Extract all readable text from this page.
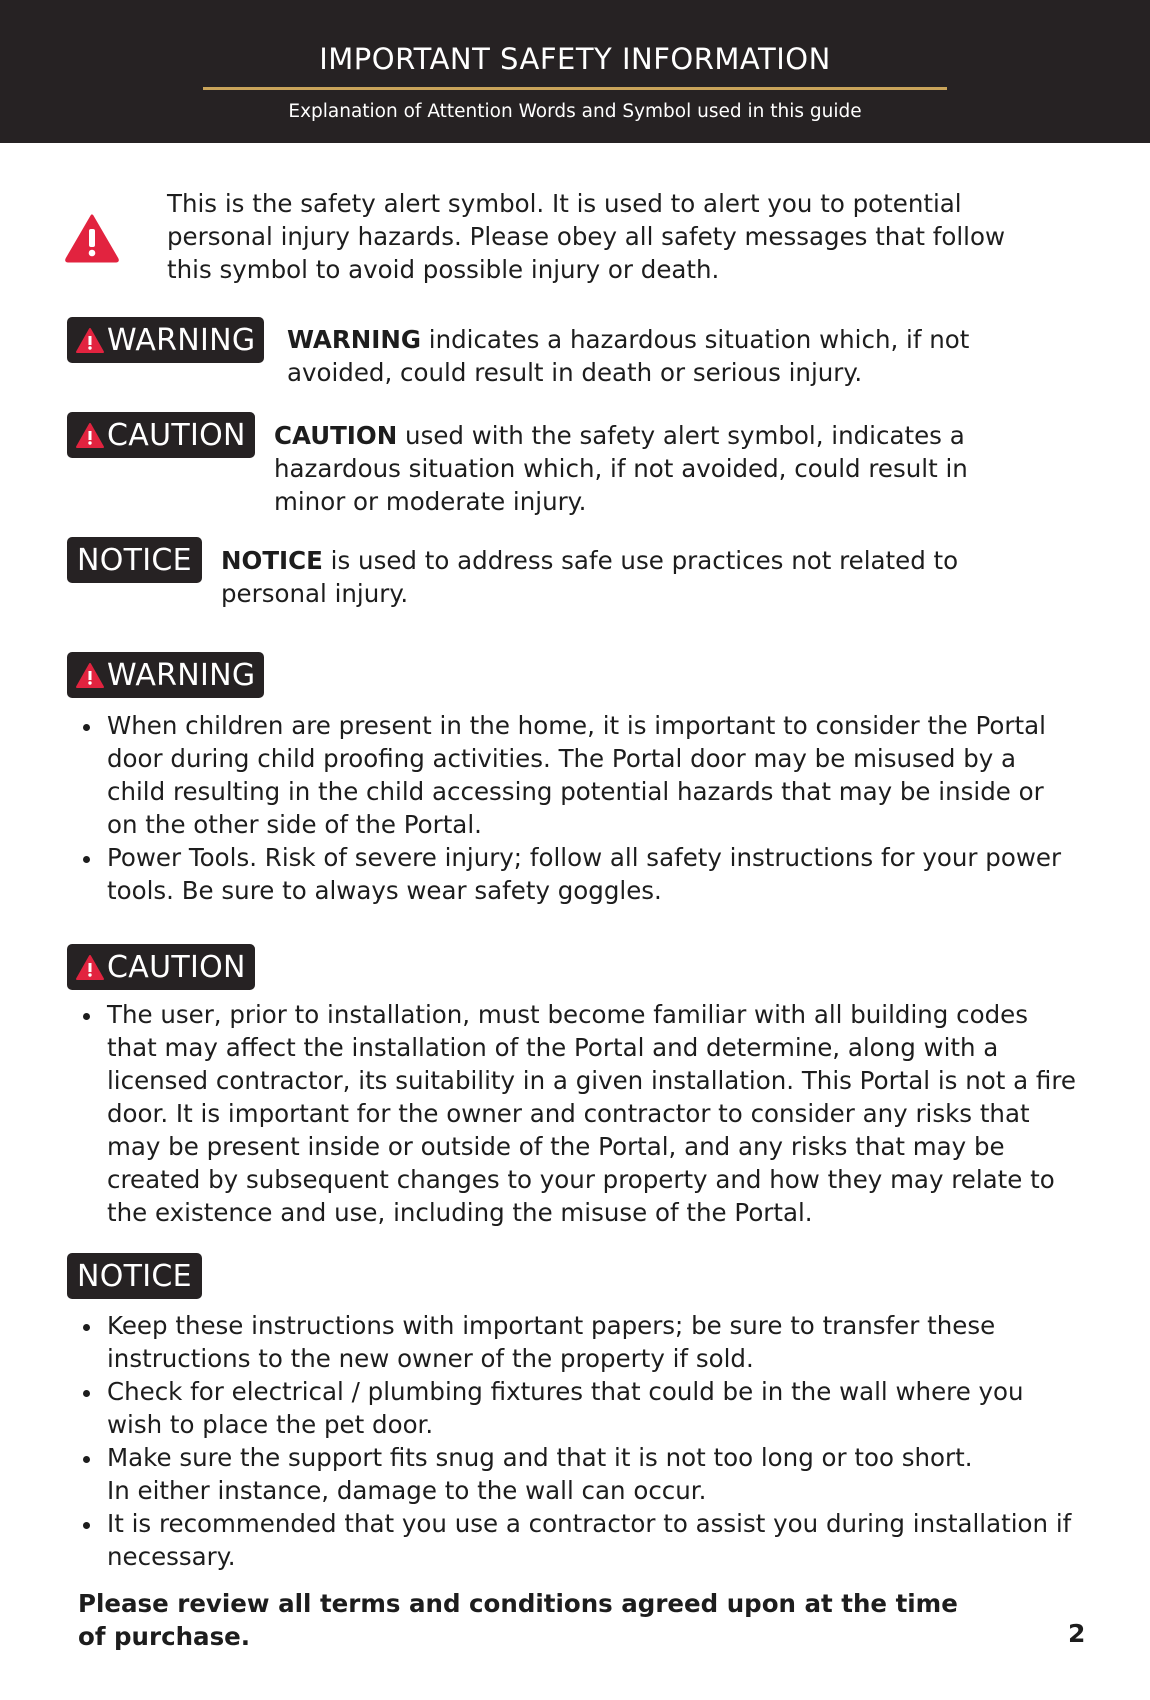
IMPORTANT SAFETY INFORMATION
Explanation of Attention Words and Symbol used in this guide
This is the safety alert symbol. It is used to alert you to potential personal injury hazards. Please obey all safety messages that follow this symbol to avoid possible injury or death.
WARNING WARNING indicates a hazardous situation which, if not avoided, could result in death or serious injury.
CAUTION CAUTION used with the safety alert symbol, indicates a hazardous situation which, if not avoided, could result in minor or moderate injury.
NOTICE NOTICE is used to address safe use practices not related to personal injury.
WARNING
When children are present in the home, it is important to consider the Portal door during child proofing activities. The Portal door may be misused by a child resulting in the child accessing potential hazards that may be inside or on the other side of the Portal.
Power Tools. Risk of severe injury; follow all safety instructions for your power tools. Be sure to always wear safety goggles.
CAUTION
The user, prior to installation, must become familiar with all building codes that may affect the installation of the Portal and determine, along with a licensed contractor, its suitability in a given installation. This Portal is not a fire door. It is important for the owner and contractor to consider any risks that may be present inside or outside of the Portal, and any risks that may be created by subsequent changes to your property and how they may relate to the existence and use, including the misuse of the Portal.
NOTICE
Keep these instructions with important papers; be sure to transfer these instructions to the new owner of the property if sold.
Check for electrical / plumbing fixtures that could be in the wall where you wish to place the pet door.
Make sure the support fits snug and that it is not too long or too short.
In either instance, damage to the wall can occur.
It is recommended that you use a contractor to assist you during installation if necessary.
Please review all terms and conditions agreed upon at the time of purchase.	2
